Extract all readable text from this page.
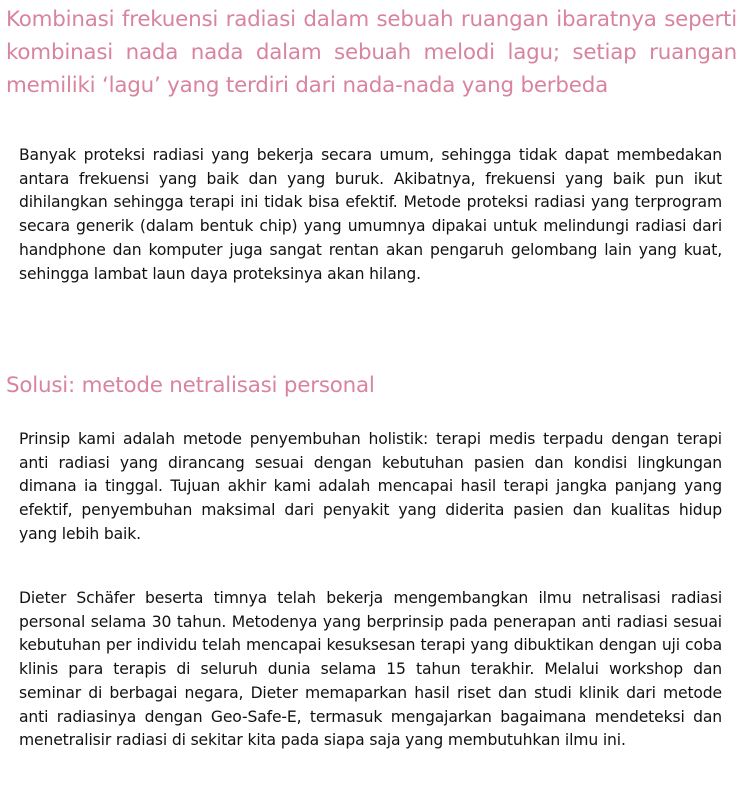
Kombinasi frekuensi radiasi dalam sebuah ruangan ibaratnya seperti kombinasi nada nada dalam sebuah melodi lagu; setiap ruangan memiliki ‘lagu’ yang terdiri dari nada-nada yang berbeda

Banyak proteksi radiasi yang bekerja secara umum, sehingga tidak dapat membedakan antara frekuensi yang baik dan yang buruk. Akibatnya, frekuensi yang baik pun ikut dihilangkan sehingga terapi ini tidak bisa efektif. Metode proteksi radiasi yang terprogram secara generik (dalam bentuk chip) yang umumnya dipakai untuk melindungi radiasi dari handphone dan komputer juga sangat rentan akan pengaruh gelombang lain yang kuat, sehingga lambat laun daya proteksinya akan hilang.

Solusi: metode netralisasi personal

Prinsip kami adalah metode penyembuhan holistik: terapi medis terpadu dengan terapi anti radiasi yang dirancang sesuai dengan kebutuhan pasien dan kondisi lingkungan dimana ia tinggal. Tujuan akhir kami adalah mencapai hasil terapi jangka panjang yang efektif, penyembuhan maksimal dari penyakit yang diderita pasien dan kualitas hidup yang lebih baik.

Dieter Schäfer beserta timnya telah bekerja mengembangkan ilmu netralisasi radiasi personal selama 30 tahun. Metodenya yang berprinsip pada penerapan anti radiasi sesuai kebutuhan per individu telah mencapai kesuksesan terapi yang dibuktikan dengan uji coba klinis para terapis di seluruh dunia selama 15 tahun terakhir. Melalui workshop dan seminar di berbagai negara, Dieter memaparkan hasil riset dan studi klinik dari metode anti radiasinya dengan Geo-Safe-E, termasuk mengajarkan bagaimana mendeteksi dan menetralisir radiasi di sekitar kita pada siapa saja yang membutuhkan ilmu ini.
